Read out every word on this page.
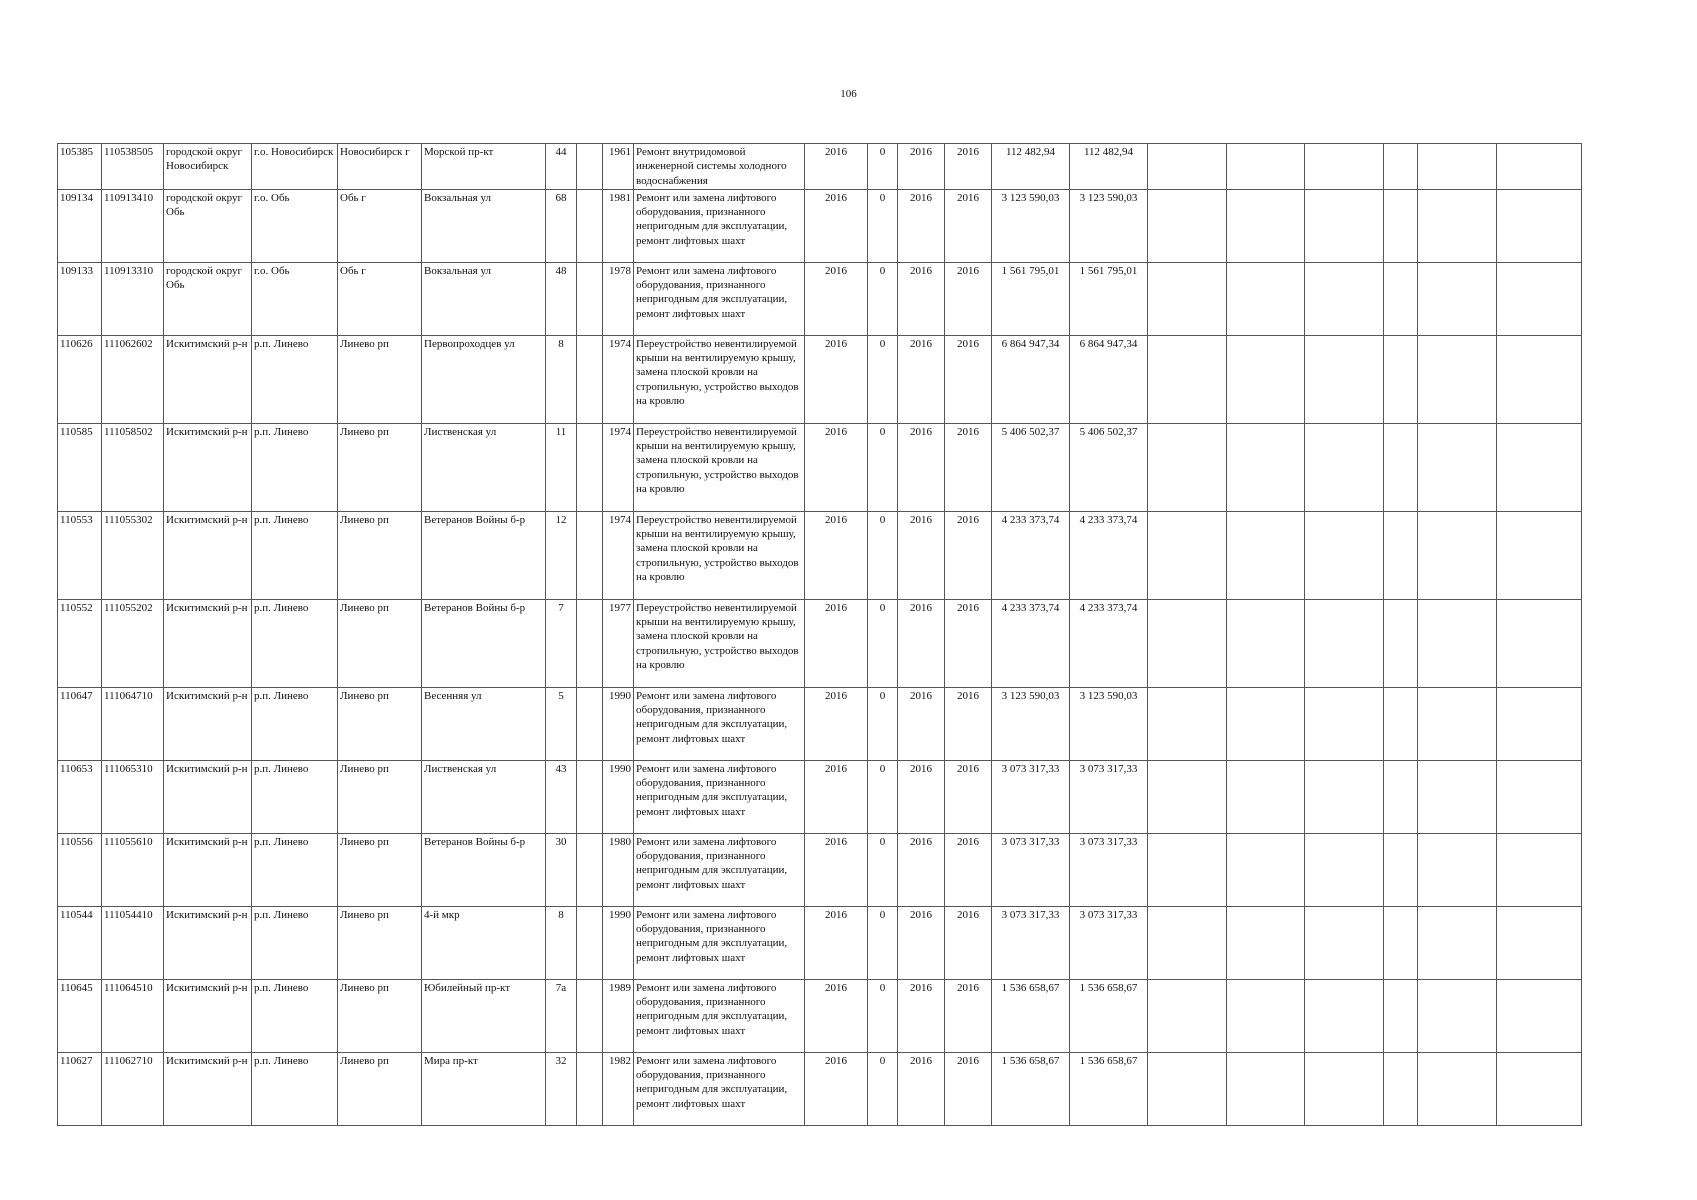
106
105385	110538505	городской округ Новосибирск	г.о. Новосибирск	Новосибирск г	Морской пр-кт	44		1961	Ремонт внутридомовой инженерной системы холодного водоснабжения	2016	0	2016	2016	112 482,94	112 482,94						
109134	110913410	городской округ Обь	г.о. Обь	Обь г	Вокзальная ул	68		1981	Ремонт или замена лифтового оборудования, признанного непригодным для эксплуатации, ремонт лифтовых шахт	2016	0	2016	2016	3 123 590,03	3 123 590,03						
109133	110913310	городской округ Обь	г.о. Обь	Обь г	Вокзальная ул	48		1978	Ремонт или замена лифтового оборудования, признанного непригодным для эксплуатации, ремонт лифтовых шахт	2016	0	2016	2016	1 561 795,01	1 561 795,01						
110626	111062602	Искитимский р-н	р.п. Линево	Линево рп	Первопроходцев ул	8		1974	Переустройство невентилируемой крыши на вентилируемую крышу, замена плоской кровли на стропильную, устройство выходов на кровлю	2016	0	2016	2016	6 864 947,34	6 864 947,34						
110585	111058502	Искитимский р-н	р.п. Линево	Линево рп	Лиственская ул	11		1974	Переустройство невентилируемой крыши на вентилируемую крышу, замена плоской кровли на стропильную, устройство выходов на кровлю	2016	0	2016	2016	5 406 502,37	5 406 502,37						
110553	111055302	Искитимский р-н	р.п. Линево	Линево рп	Ветеранов Войны б-р	12		1974	Переустройство невентилируемой крыши на вентилируемую крышу, замена плоской кровли на стропильную, устройство выходов на кровлю	2016	0	2016	2016	4 233 373,74	4 233 373,74						
110552	111055202	Искитимский р-н	р.п. Линево	Линево рп	Ветеранов Войны б-р	7		1977	Переустройство невентилируемой крыши на вентилируемую крышу, замена плоской кровли на стропильную, устройство выходов на кровлю	2016	0	2016	2016	4 233 373,74	4 233 373,74						
110647	111064710	Искитимский р-н	р.п. Линево	Линево рп	Весенняя ул	5		1990	Ремонт или замена лифтового оборудования, признанного непригодным для эксплуатации, ремонт лифтовых шахт	2016	0	2016	2016	3 123 590,03	3 123 590,03						
110653	111065310	Искитимский р-н	р.п. Линево	Линево рп	Лиственская ул	43		1990	Ремонт или замена лифтового оборудования, признанного непригодным для эксплуатации, ремонт лифтовых шахт	2016	0	2016	2016	3 073 317,33	3 073 317,33						
110556	111055610	Искитимский р-н	р.п. Линево	Линево рп	Ветеранов Войны б-р	30		1980	Ремонт или замена лифтового оборудования, признанного непригодным для эксплуатации, ремонт лифтовых шахт	2016	0	2016	2016	3 073 317,33	3 073 317,33						
110544	111054410	Искитимский р-н	р.п. Линево	Линево рп	4-й мкр	8		1990	Ремонт или замена лифтового оборудования, признанного непригодным для эксплуатации, ремонт лифтовых шахт	2016	0	2016	2016	3 073 317,33	3 073 317,33						
110645	111064510	Искитимский р-н	р.п. Линево	Линево рп	Юбилейный пр-кт	7а		1989	Ремонт или замена лифтового оборудования, признанного непригодным для эксплуатации, ремонт лифтовых шахт	2016	0	2016	2016	1 536 658,67	1 536 658,67						
110627	111062710	Искитимский р-н	р.п. Линево	Линево рп	Мира пр-кт	32		1982	Ремонт или замена лифтового оборудования, признанного непригодным для эксплуатации, ремонт лифтовых шахт	2016	0	2016	2016	1 536 658,67	1 536 658,67						
